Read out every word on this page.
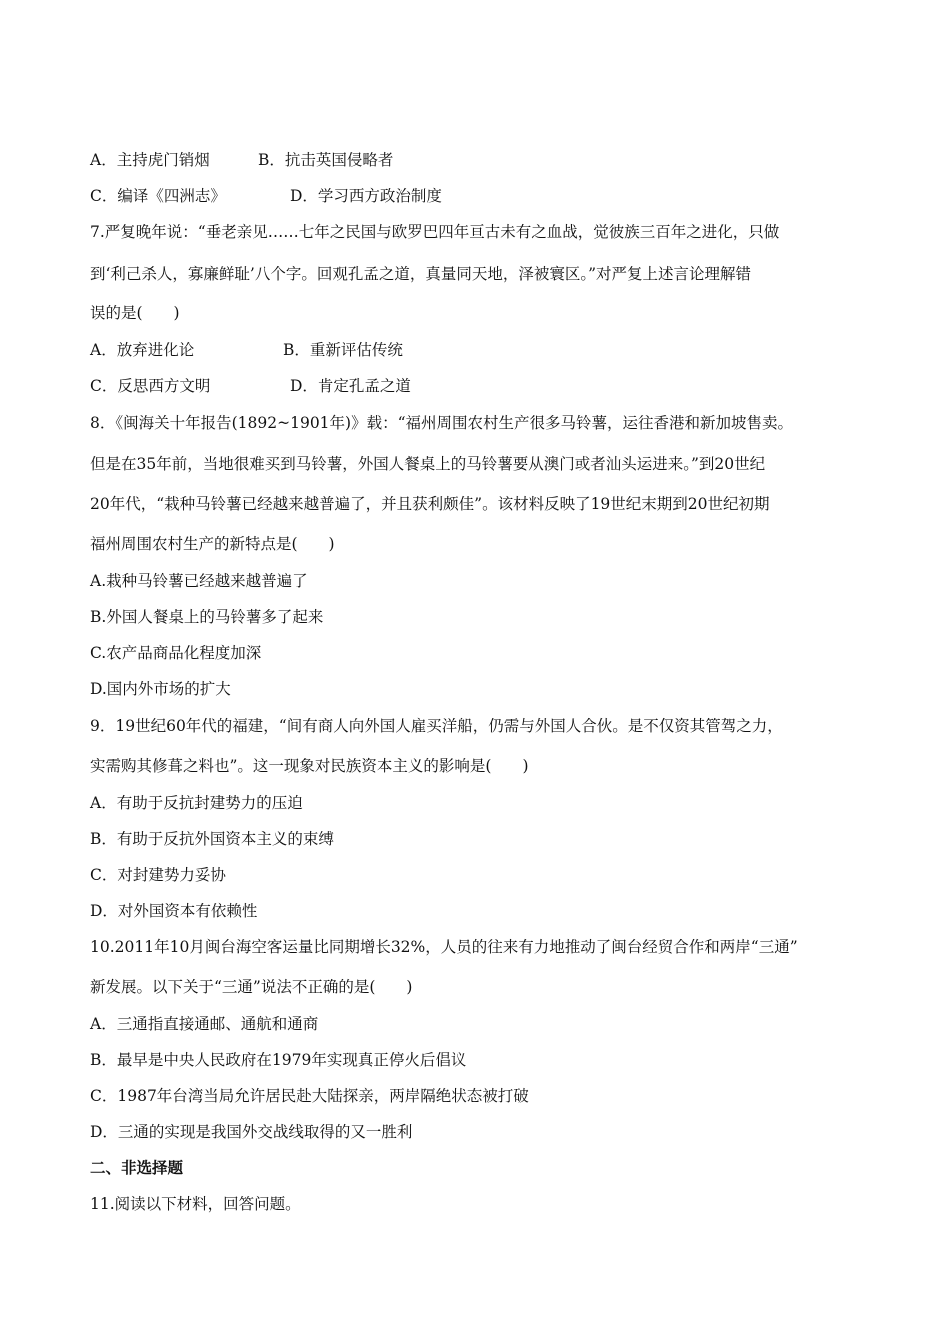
A．主持虎门销烟	B．抗击英国侵略者
C．编译《四洲志》	D．学习西方政治制度
7.严复晚年说：“垂老亲见……七年之民国与欧罗巴四年亘古未有之血战，觉彼族三百年之进化，只做
到‘利己杀人，寡廉鲜耻’八个字。回观孔孟之道，真量同天地，泽被寰区。”对严复上述言论理解错
误的是(　　)
A．放弃进化论	B．重新评估传统
C．反思西方文明	D．肯定孔孟之道
8．《闽海关十年报告(1892~1901年)》载：“福州周围农村生产很多马铃薯，运往香港和新加坡售卖。
但是在35年前，当地很难买到马铃薯，外国人餐桌上的马铃薯要从澳门或者汕头运进来。”到20世纪
20年代，“栽种马铃薯已经越来越普遍了，并且获利颇佳”。该材料反映了19世纪末期到20世纪初期
福州周围农村生产的新特点是(　　)
A.栽种马铃薯已经越来越普遍了
B.外国人餐桌上的马铃薯多了起来
C.农产品商品化程度加深
D.国内外市场的扩大
9．19世纪60年代的福建，“间有商人向外国人雇买洋船，仍需与外国人合伙。是不仅资其管驾之力，
实需购其修葺之料也”。这一现象对民族资本主义的影响是(　　)
A．有助于反抗封建势力的压迫
B．有助于反抗外国资本主义的束缚
C．对封建势力妥协
D．对外国资本有依赖性
10.2011年10月闽台海空客运量比同期增长32%，人员的往来有力地推动了闽台经贸合作和两岸“三通”
新发展。以下关于“三通”说法不正确的是(　　)
A．三通指直接通邮、通航和通商
B．最早是中央人民政府在1979年实现真正停火后倡议
C．1987年台湾当局允许居民赴大陆探亲，两岸隔绝状态被打破
D．三通的实现是我国外交战线取得的又一胜利
二、非选择题
11.阅读以下材料，回答问题。
